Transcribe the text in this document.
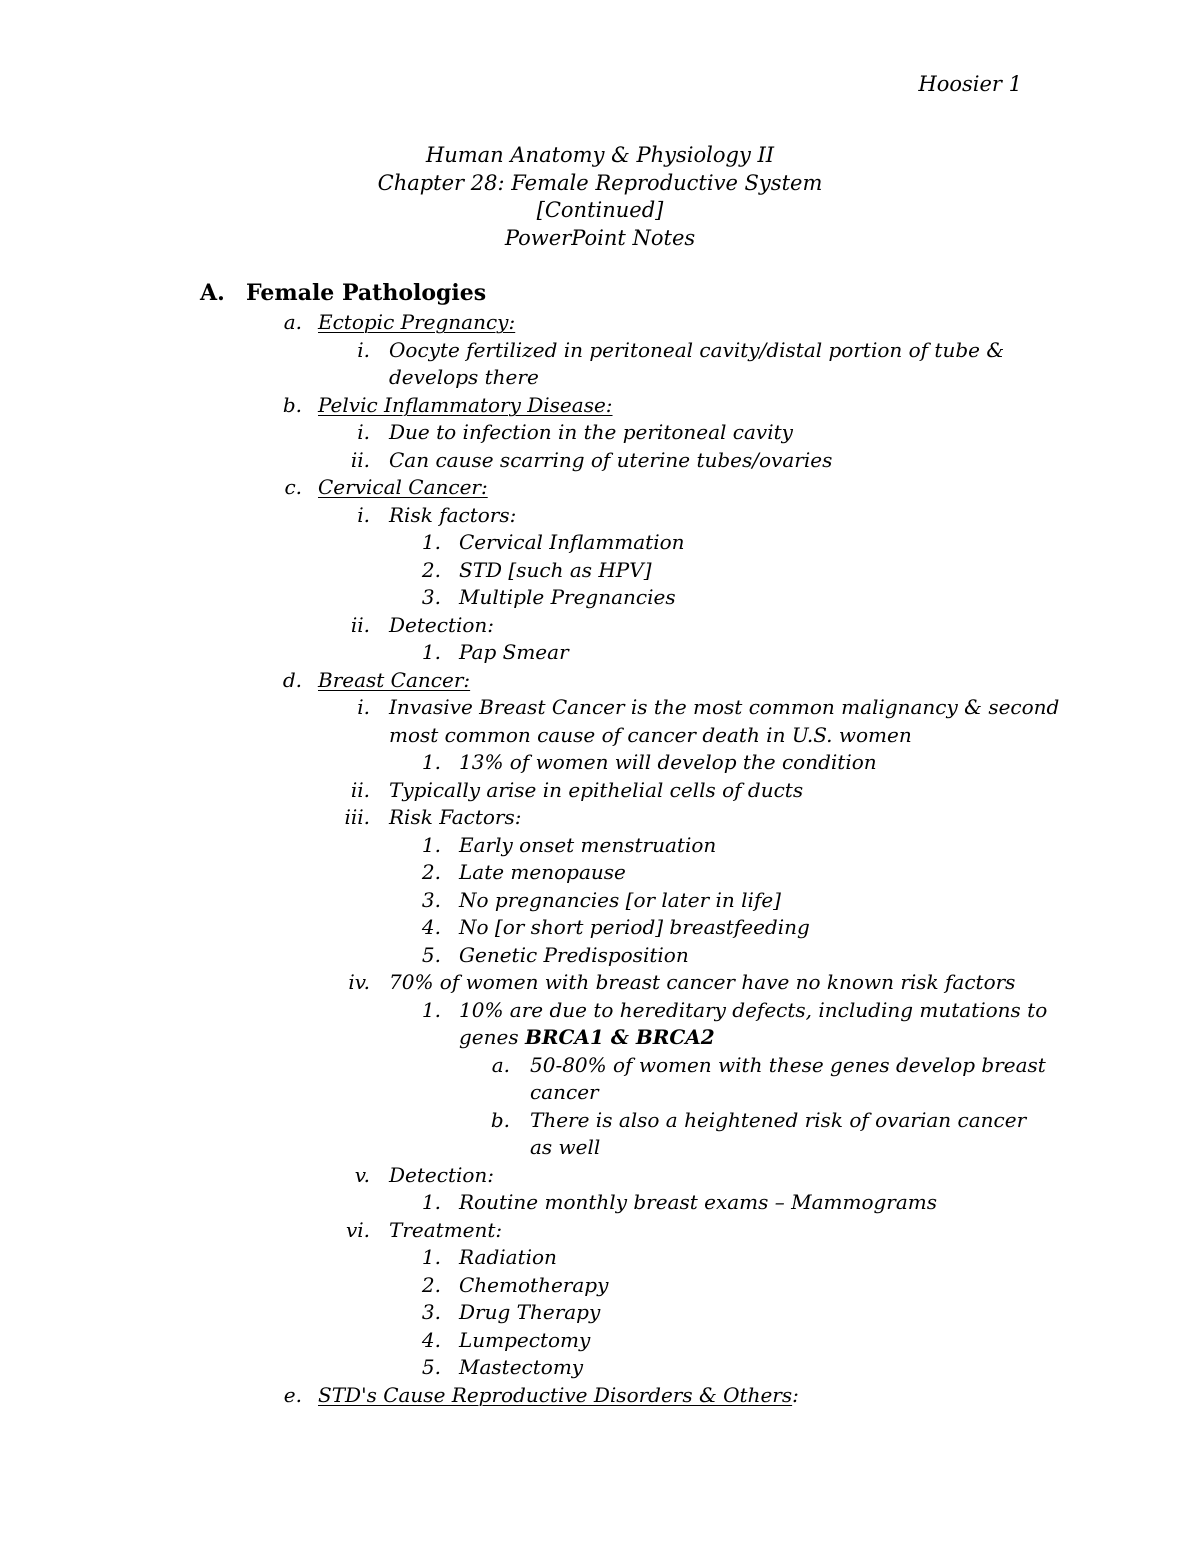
Hoosier 1
Human Anatomy & Physiology II
Chapter 28: Female Reproductive System
[Continued]
PowerPoint Notes
A. Female Pathologies
a. Ectopic Pregnancy:
i. Oocyte fertilized in peritoneal cavity/distal portion of tube &
develops there
b. Pelvic Inflammatory Disease:
i. Due to infection in the peritoneal cavity
ii. Can cause scarring of uterine tubes/ovaries
c. Cervical Cancer:
i. Risk factors:
1. Cervical Inflammation
2. STD [such as HPV]
3. Multiple Pregnancies
ii. Detection:
1. Pap Smear
d. Breast Cancer:
i. Invasive Breast Cancer is the most common malignancy & second
most common cause of cancer death in U.S. women
1. 13% of women will develop the condition
ii. Typically arise in epithelial cells of ducts
iii. Risk Factors:
1. Early onset menstruation
2. Late menopause
3. No pregnancies [or later in life]
4. No [or short period] breastfeeding
5. Genetic Predisposition
iv. 70% of women with breast cancer have no known risk factors
1. 10% are due to hereditary defects, including mutations to
genes BRCA1 & BRCA2
a. 50-80% of women with these genes develop breast
cancer
b. There is also a heightened risk of ovarian cancer
as well
v. Detection:
1. Routine monthly breast exams – Mammograms
vi. Treatment:
1. Radiation
2. Chemotherapy
3. Drug Therapy
4. Lumpectomy
5. Mastectomy
e. STD's Cause Reproductive Disorders & Others:
